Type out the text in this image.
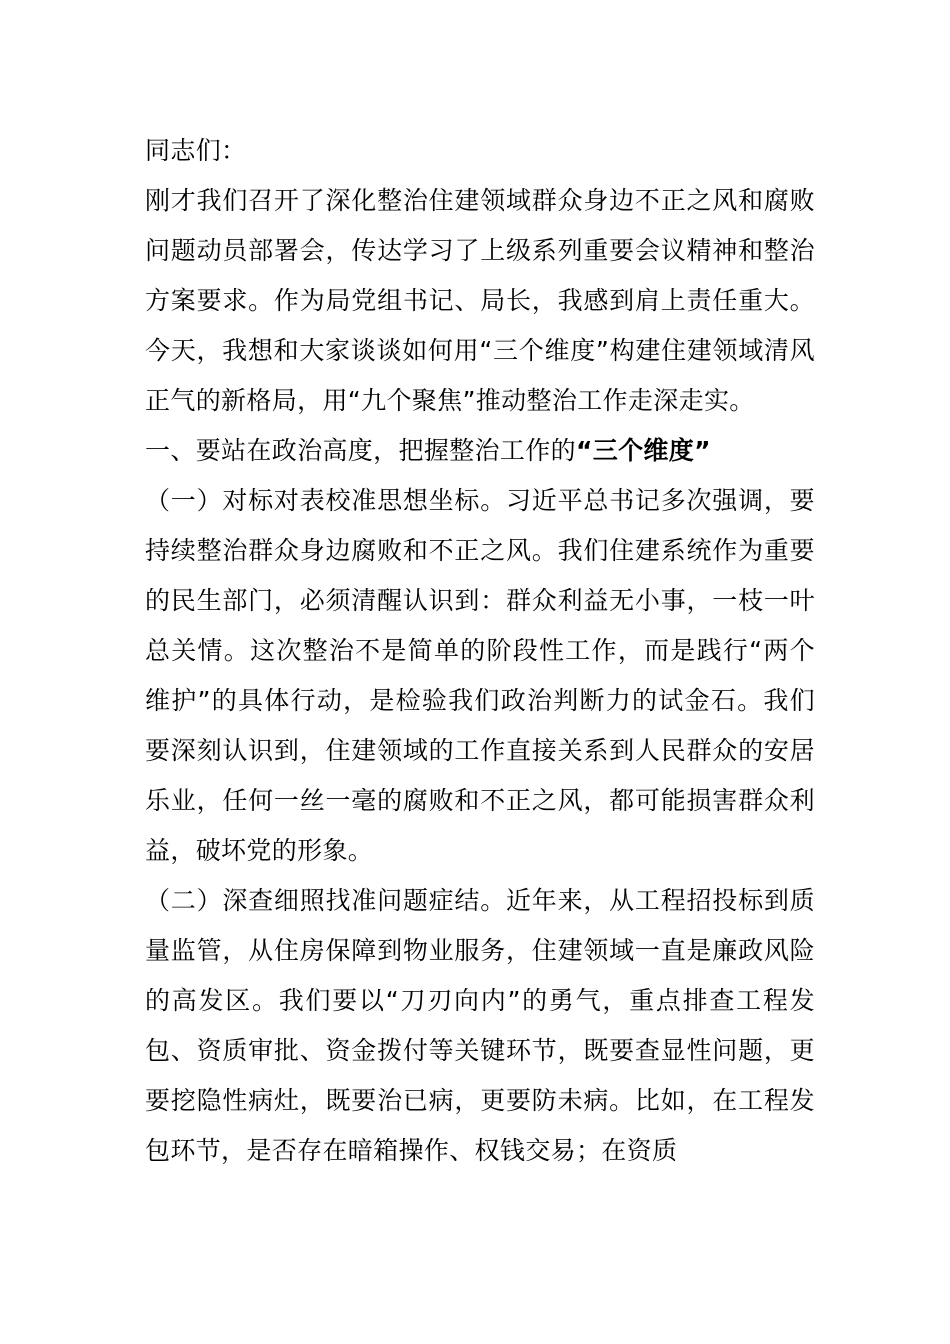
同志们：

刚才我们召开了深化整治住建领域群众身边不正之风和腐败问题动员部署会，传达学习了上级系列重要会议精神和整治方案要求。作为局党组书记、局长，我感到肩上责任重大。今天，我想和大家谈谈如何用“三个维度”构建住建领域清风正气的新格局，用“九个聚焦”推动整治工作走深走实。

一、要站在政治高度，把握整治工作的“三个维度”

（一）对标对表校准思想坐标。习近平总书记多次强调，要持续整治群众身边腐败和不正之风。我们住建系统作为重要的民生部门，必须清醒认识到：群众利益无小事，一枝一叶总关情。这次整治不是简单的阶段性工作，而是践行“两个维护”的具体行动，是检验我们政治判断力的试金石。我们要深刻认识到，住建领域的工作直接关系到人民群众的安居乐业，任何一丝一毫的腐败和不正之风，都可能损害群众利益，破坏党的形象。

（二）深查细照找准问题症结。近年来，从工程招投标到质量监管，从住房保障到物业服务，住建领域一直是廉政风险的高发区。我们要以“刀刃向内”的勇气，重点排查工程发包、资质审批、资金拨付等关键环节，既要查显性问题，更要挖隐性病灶，既要治已病，更要防未病。比如，在工程发包环节，是否存在暗箱操作、权钱交易；在资质
